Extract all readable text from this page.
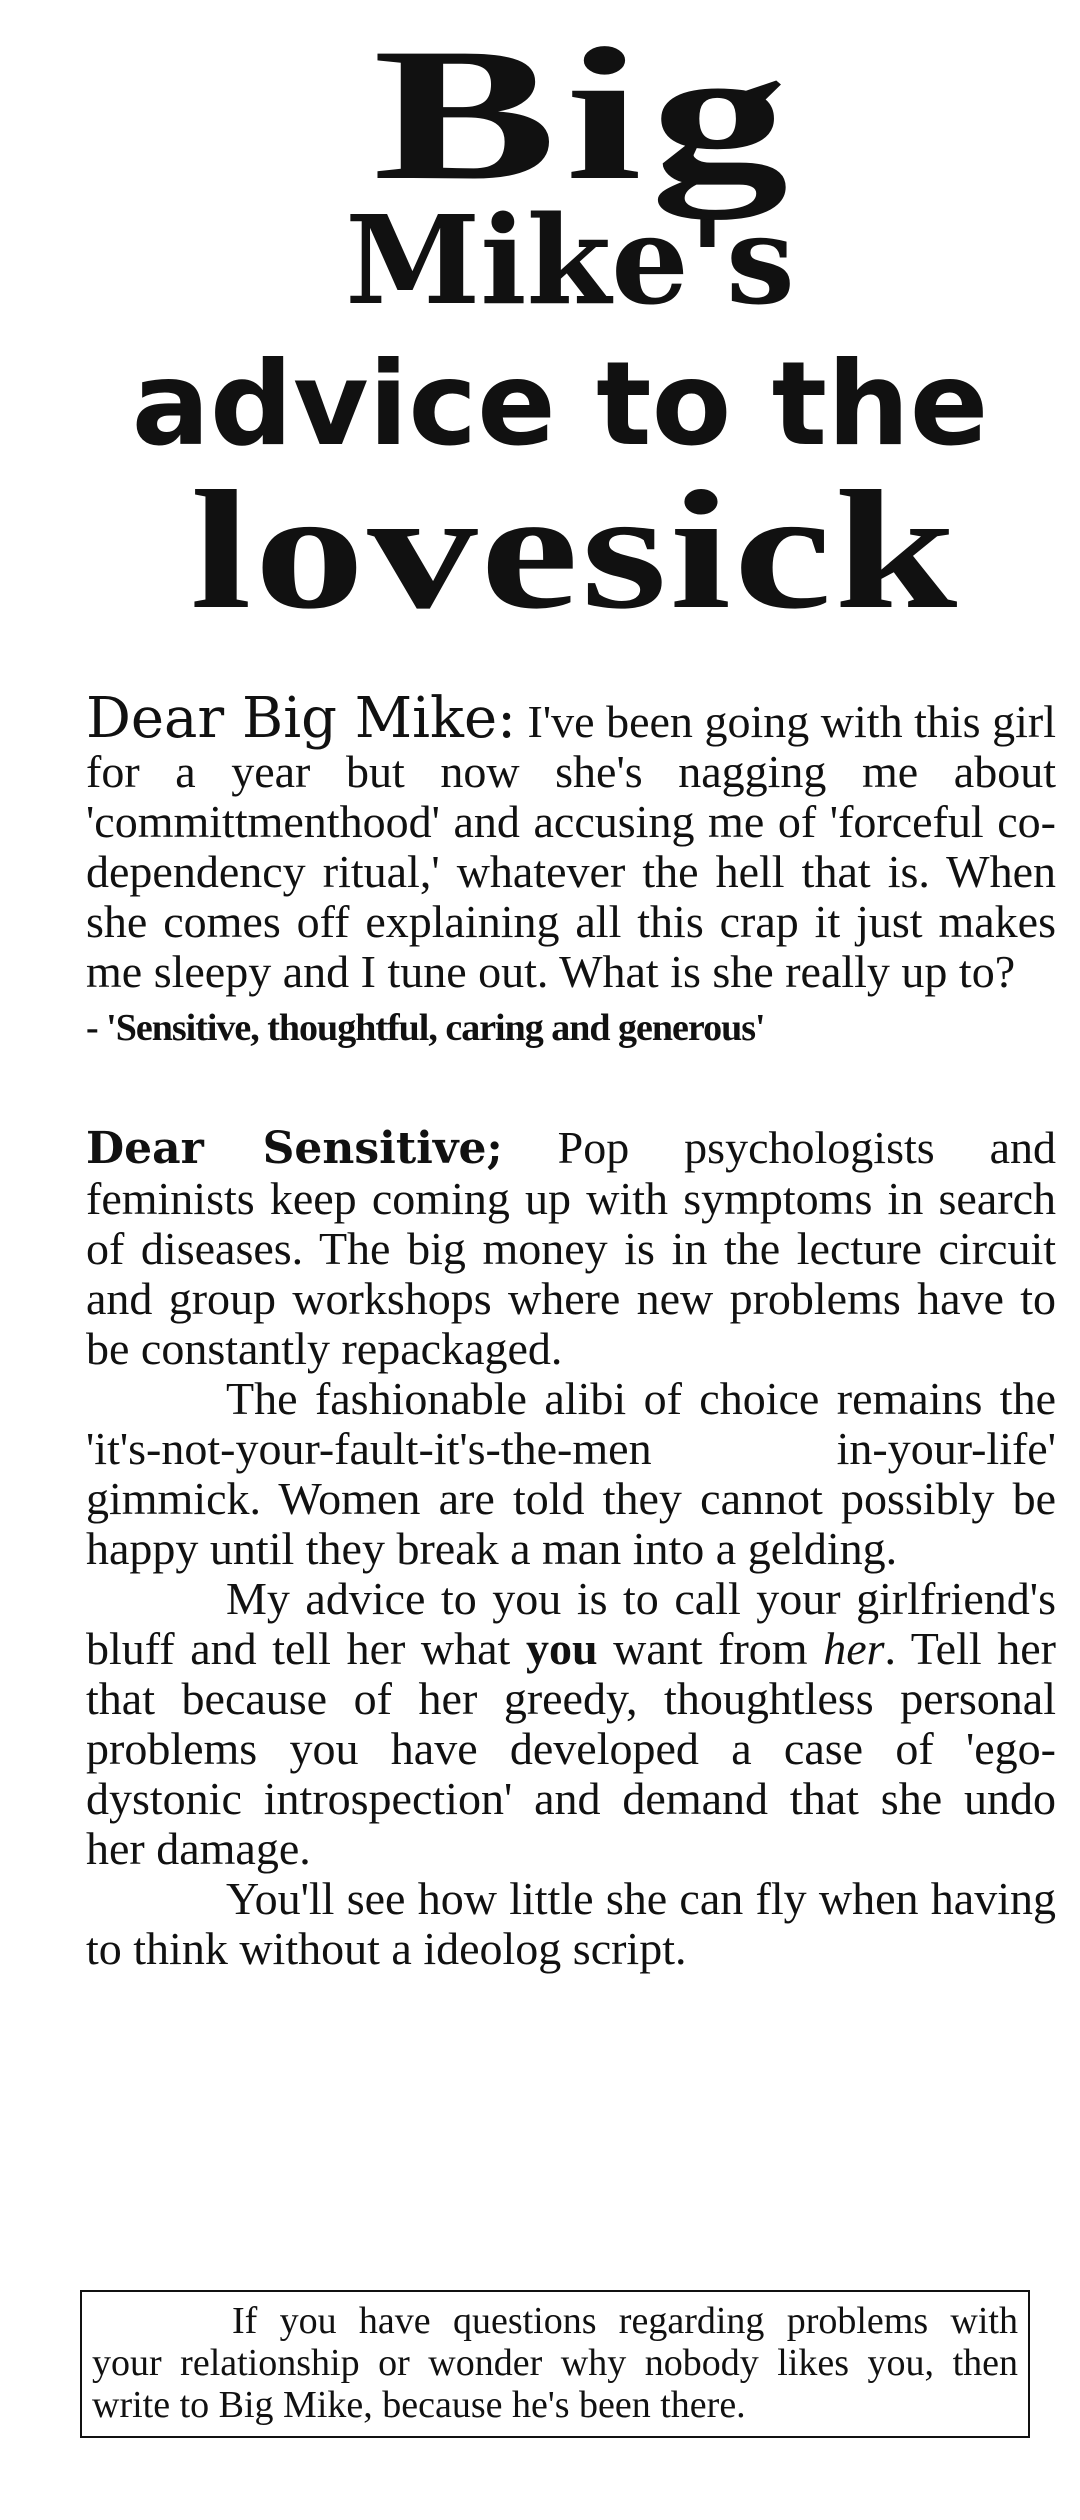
Big
Mike's
advice to the
lovesick

Dear Big Mike: I've been going with this girl for a year but now she's nagging me about 'committmenthood' and accusing me of 'forceful co-dependency ritual,' whatever the hell that is. When she comes off explaining all this crap it just makes me sleepy and I tune out. What is she really up to?

- 'Sensitive, thoughtful, caring and generous'

Dear Sensitive; Pop psychologists and feminists keep coming up with symptoms in search of diseases. The big money is in the lecture circuit and group workshops where new problems have to be constantly repackaged.

The fashionable alibi of choice remains the 'it's-not-your-fault-it's-the-men in-your-life' gimmick. Women are told they cannot possibly be happy until they break a man into a gelding.

My advice to you is to call your girlfriend's bluff and tell her what you want from her. Tell her that because of her greedy, thoughtless personal problems you have developed a case of 'ego-dystonic introspection' and demand that she undo her damage.

You'll see how little she can fly when having to think without a ideolog script.

If you have questions regarding problems with your relationship or wonder why nobody likes you, then write to Big Mike, because he's been there.
